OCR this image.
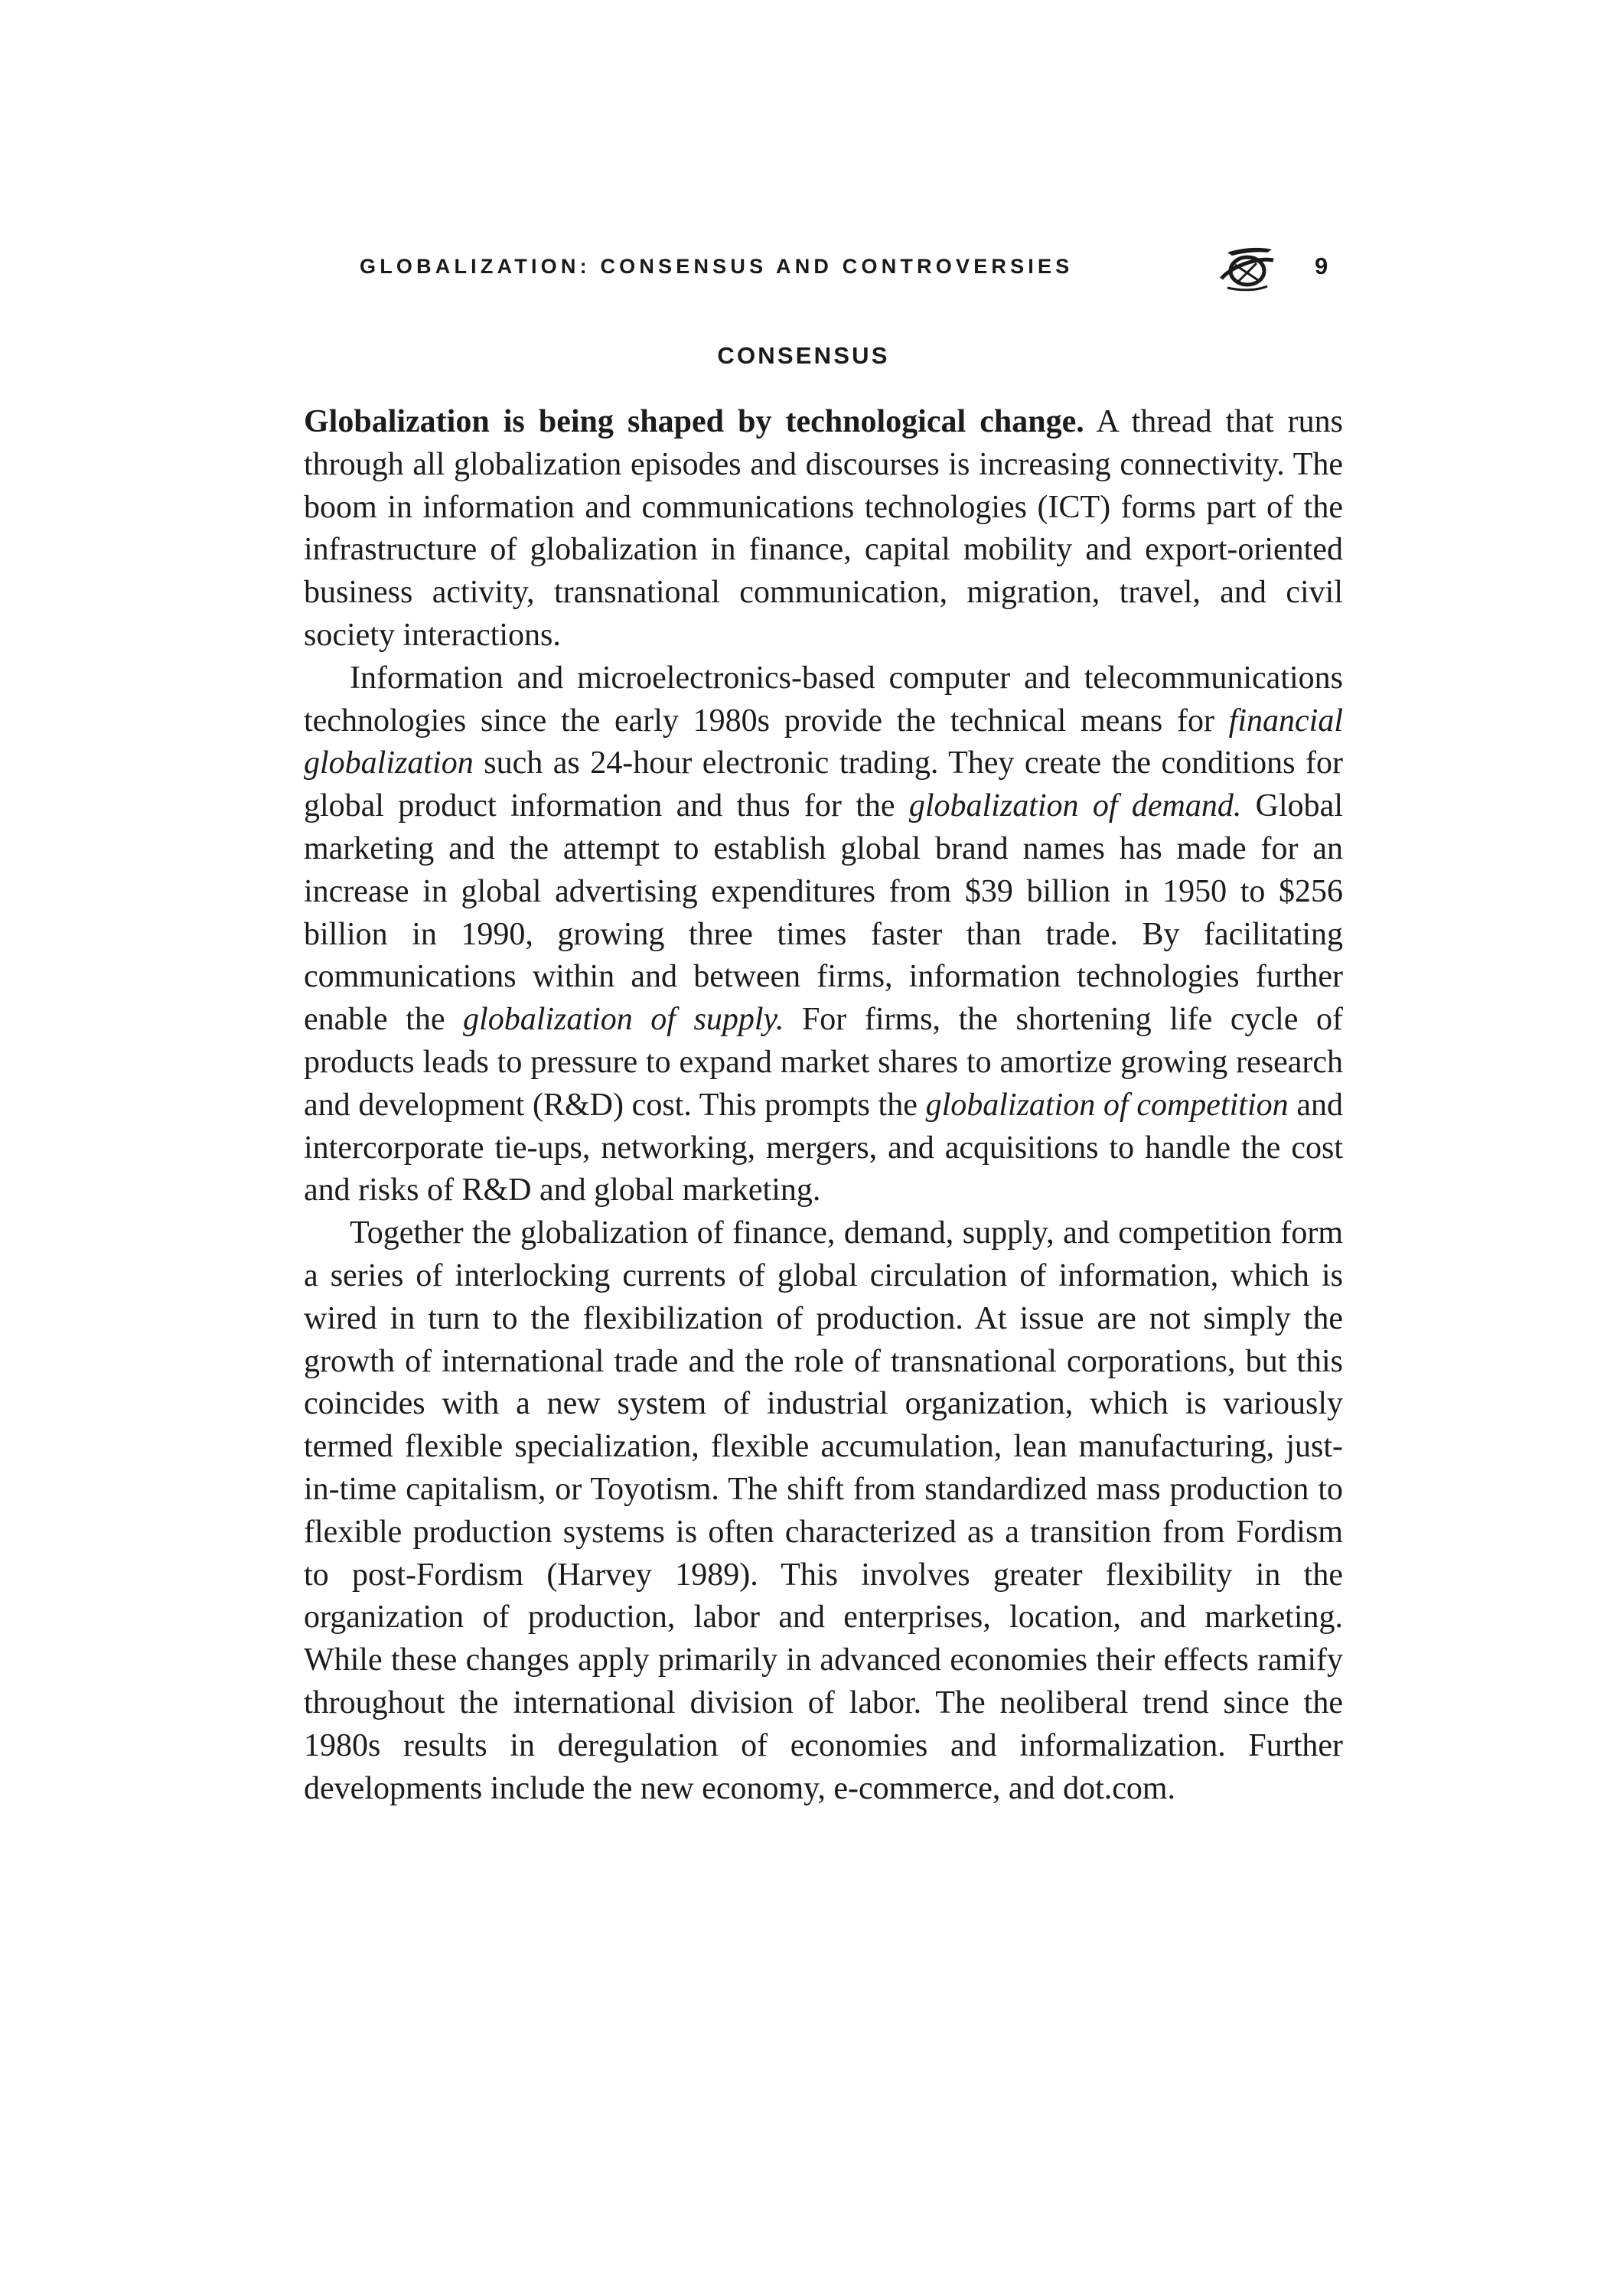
GLOBALIZATION: CONSENSUS AND CONTROVERSIES	9
CONSENSUS

Globalization is being shaped by technological change. A thread that runs through all globalization episodes and discourses is increasing connectivity. The boom in information and communications technologies (ICT) forms part of the infrastructure of globalization in finance, capital mobility and export-oriented business activity, transnational communication, migration, travel, and civil society interactions.

Information and microelectronics-based computer and telecommunications technologies since the early 1980s provide the technical means for financial globalization such as 24-hour electronic trading. They create the conditions for global product information and thus for the globalization of demand. Global marketing and the attempt to establish global brand names has made for an increase in global advertising expenditures from $39 billion in 1950 to $256 billion in 1990, growing three times faster than trade. By facilitating communications within and between firms, information technologies further enable the globalization of supply. For firms, the shortening life cycle of products leads to pressure to expand market shares to amortize growing research and development (R&D) cost. This prompts the globalization of competition and intercorporate tie-ups, networking, mergers, and acquisitions to handle the cost and risks of R&D and global marketing.

Together the globalization of finance, demand, supply, and competition form a series of interlocking currents of global circulation of information, which is wired in turn to the flexibilization of production. At issue are not simply the growth of international trade and the role of transnational corporations, but this coincides with a new system of industrial organization, which is variously termed flexible specialization, flexible accumulation, lean manufacturing, just-in-time capitalism, or Toyotism. The shift from standardized mass production to flexible production systems is often characterized as a transition from Fordism to post-Fordism (Harvey 1989). This involves greater flexibility in the organization of production, labor and enterprises, location, and marketing. While these changes apply primarily in advanced economies their effects ramify throughout the international division of labor. The neoliberal trend since the 1980s results in deregulation of economies and informalization. Further developments include the new economy, e-commerce, and dot.com.
